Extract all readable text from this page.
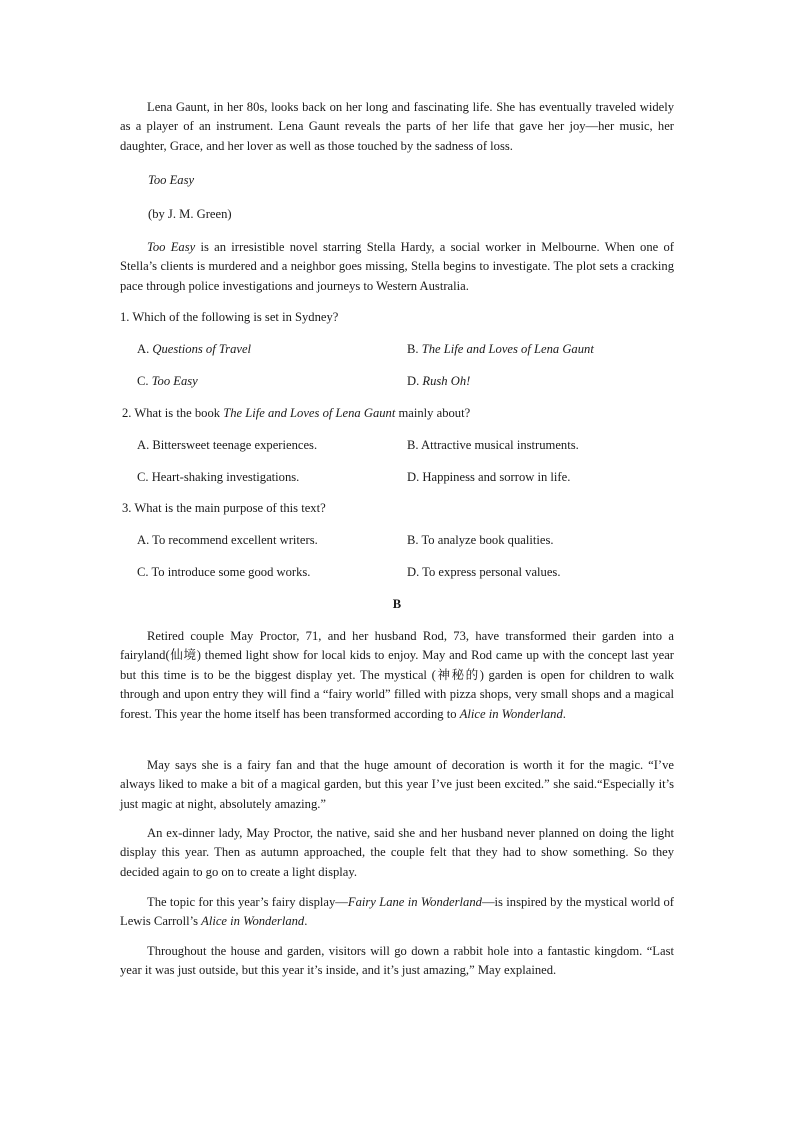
Lena Gaunt, in her 80s, looks back on her long and fascinating life. She has eventually traveled widely as a player of an instrument. Lena Gaunt reveals the parts of her life that gave her joy—her music, her daughter, Grace, and her lover as well as those touched by the sadness of loss.

Too Easy

(by J. M. Green)

Too Easy is an irresistible novel starring Stella Hardy, a social worker in Melbourne. When one of Stella’s clients is murdered and a neighbor goes missing, Stella begins to investigate. The plot sets a cracking pace through police investigations and journeys to Western Australia.

1. Which of the following is set in Sydney?

A. Questions of Travel	B. The Life and Loves of Lena Gaunt

C. Too Easy	D. Rush Oh!

2. What is the book The Life and Loves of Lena Gaunt mainly about?

A. Bittersweet teenage experiences.	B. Attractive musical instruments.

C. Heart-shaking investigations.	D. Happiness and sorrow in life.

3. What is the main purpose of this text?

A. To recommend excellent writers.	B. To analyze book qualities.

C. To introduce some good works.	D. To express personal values.

B

Retired couple May Proctor, 71, and her husband Rod, 73, have transformed their garden into a fairyland(仙境) themed light show for local kids to enjoy. May and Rod came up with the concept last year but this time is to be the biggest display yet. The mystical (神秘的) garden is open for children to walk through and upon entry they will find a “fairy world” filled with pizza shops, very small shops and a magical forest. This year the home itself has been transformed according to Alice in Wonderland.

May says she is a fairy fan and that the huge amount of decoration is worth it for the magic. “I’ve always liked to make a bit of a magical garden, but this year I’ve just been excited.” she said.“Especially it’s just magic at night, absolutely amazing.”

An ex-dinner lady, May Proctor, the native, said she and her husband never planned on doing the light display this year. Then as autumn approached, the couple felt that they had to show something. So they decided again to go on to create a light display.

The topic for this year’s fairy display—Fairy Lane in Wonderland—is inspired by the mystical world of Lewis Carroll’s Alice in Wonderland.

Throughout the house and garden, visitors will go down a rabbit hole into a fantastic kingdom. “Last year it was just outside, but this year it’s inside, and it’s just amazing,” May explained.
